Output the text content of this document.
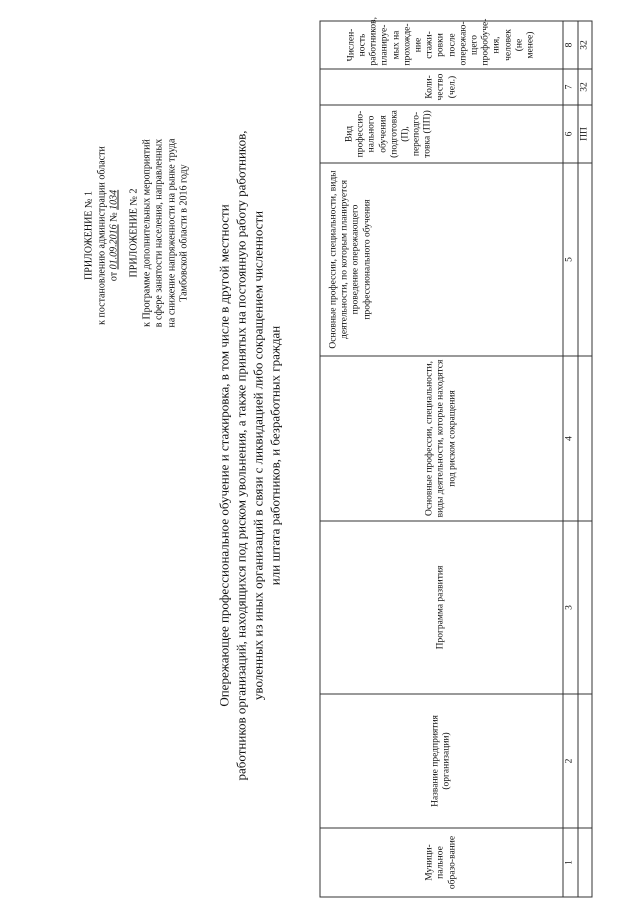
ПРИЛОЖЕНИЕ № 1 к постановлению администрации области от 01.09.2016 № 1034 ПРИЛОЖЕНИЕ № 2 к Программе дополнительных мероприятий в сфере занятости населения, направленных на снижение напряженности на рынке труда Тамбовской области в 2016 году Опережающее профессиональное обучение и стажировка, в том числе в другой местности работников организаций, находящихся под риском увольнения, а также принятых на постоянную работу работников, уволенных из иных организаций в связи с ликвидацией либо сокращением численности или штата работников, и безработных граждан
Муници-пальное образо-вание	Название предприятия (организации)	Программа развития	Основные профессии, специальности, виды деятельности, которые находятся под риском сокращения	Основные профессии, специальности, виды деятельности, по которым планируется проведение опережающего профессионального обучения	Вид профессио-нального обучения (подготовка (П), переподго-товка (ПП))	Коли-чество (чел.)	Числен-ность работников, планируе-мых на прохожде-ние стажи-ровки после опережаю-щего профобуче-ния, человек (не менее)
1	2	3	4	5	6	7	8
					ПП	32	32
